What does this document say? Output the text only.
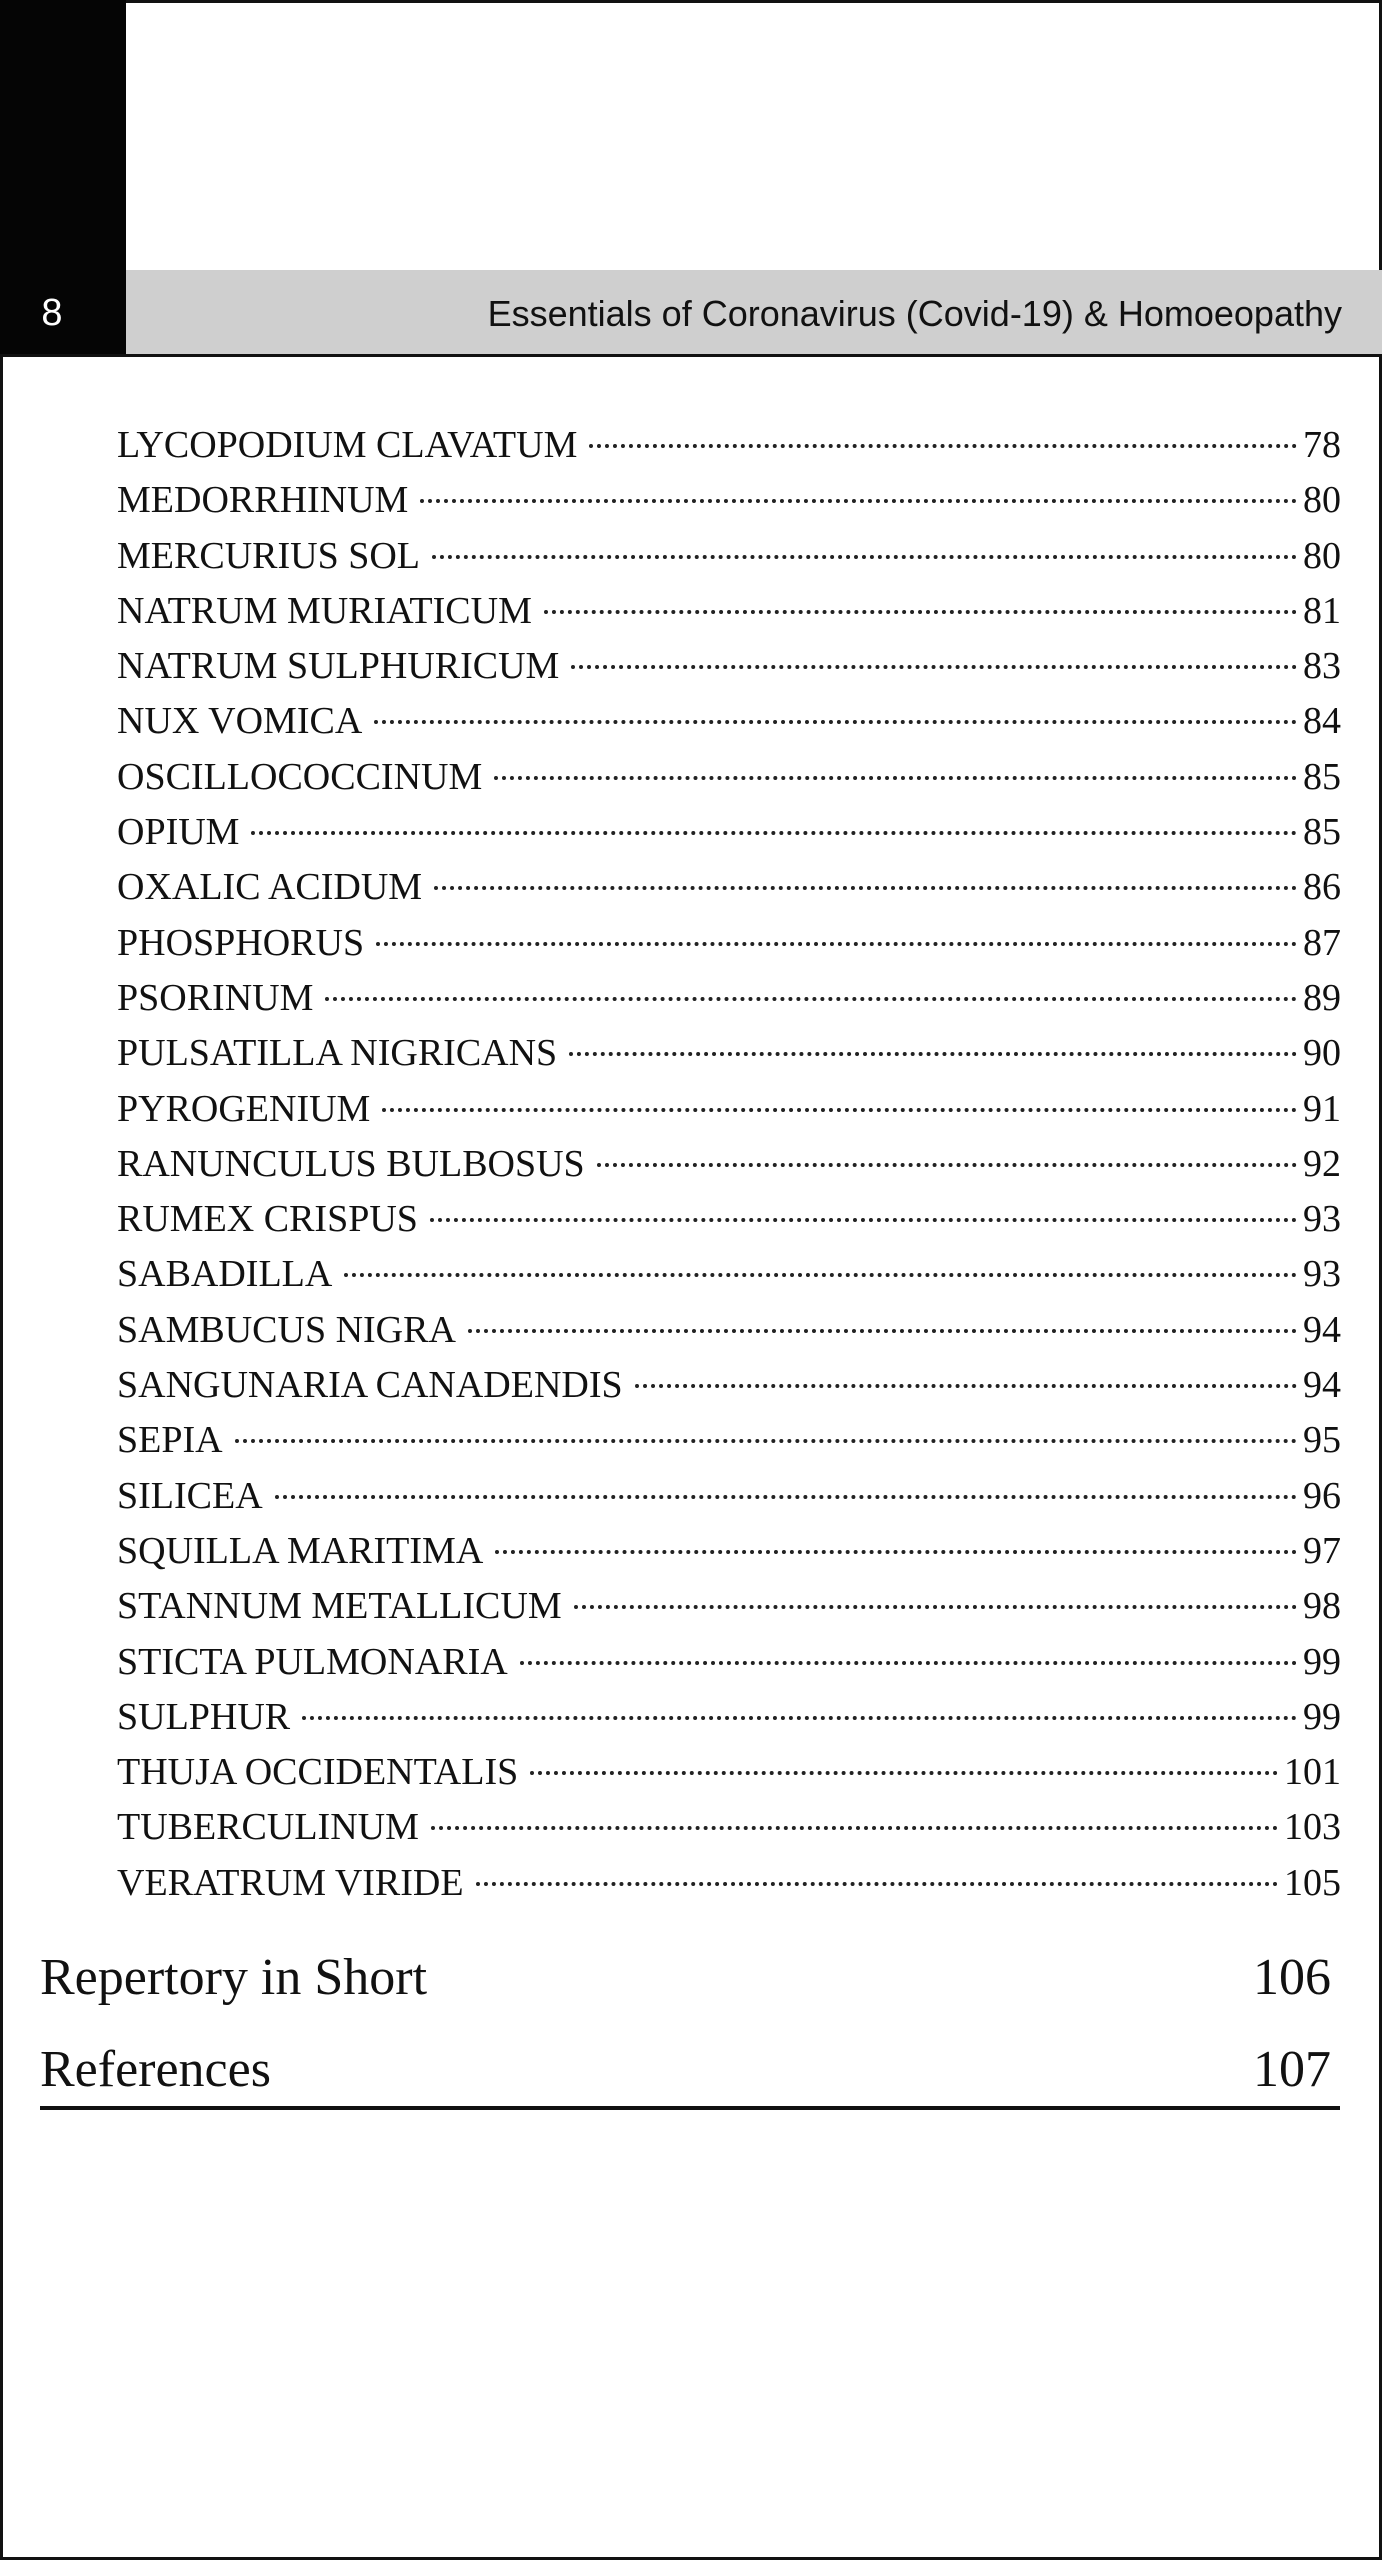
8	Essentials of Coronavirus (Covid-19) & Homoeopathy
LYCOPODIUM CLAVATUM	78
MEDORRHINUM	80
MERCURIUS SOL	80
NATRUM MURIATICUM	81
NATRUM SULPHURICUM	83
NUX VOMICA	84
OSCILLOCOCCINUM	85
OPIUM	85
OXALIC ACIDUM	86
PHOSPHORUS	87
PSORINUM	89
PULSATILLA NIGRICANS	90
PYROGENIUM	91
RANUNCULUS BULBOSUS	92
RUMEX CRISPUS	93
SABADILLA	93
SAMBUCUS NIGRA	94
SANGUNARIA CANADENDIS	94
SEPIA	95
SILICEA	96
SQUILLA MARITIMA	97
STANNUM METALLICUM	98
STICTA PULMONARIA	99
SULPHUR	99
THUJA OCCIDENTALIS	101
TUBERCULINUM	103
VERATRUM VIRIDE	105
Repertory in Short	106
References	107
